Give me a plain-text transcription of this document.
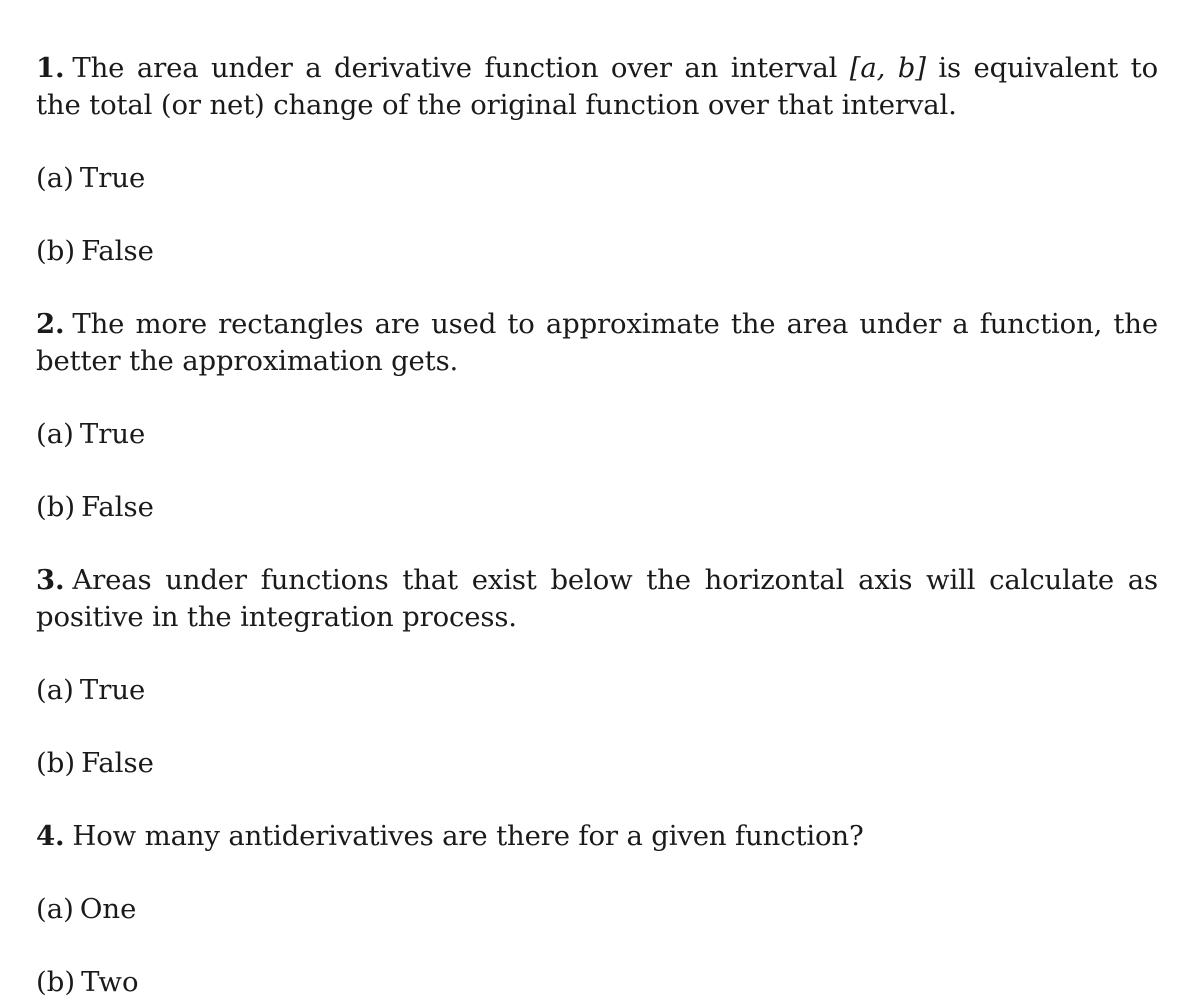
1. The area under a derivative function over an interval [a, b] is equivalent to the total (or net) change of the original function over that interval.

(a) True

(b) False

2. The more rectangles are used to approximate the area under a function, the better the approximation gets.

(a) True

(b) False

3. Areas under functions that exist below the horizontal axis will calculate as positive in the integration process.

(a) True

(b) False

4. How many antiderivatives are there for a given function?

(a) One

(b) Two
